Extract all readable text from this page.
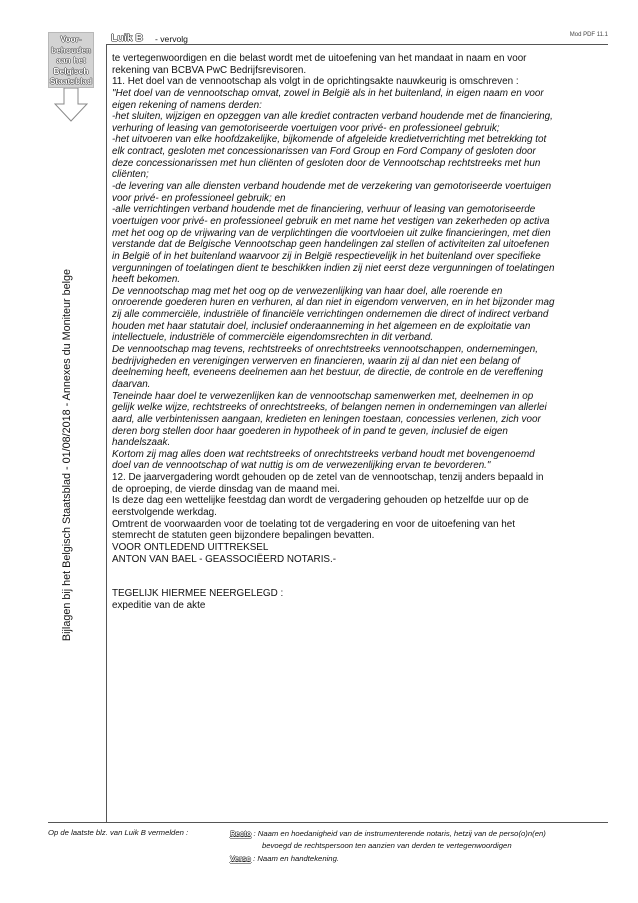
Mod PDF 11.1
Voor-
behouden
aan het
Belgisch
Staatsblad
Bijlagen bij het Belgisch Staatsblad - 01/08/2018 - Annexes du Moniteur belge
Luik B - vervolg
te vertegenwoordigen en die belast wordt met de uitoefening van het mandaat in naam en voor
rekening van BCBVA PwC Bedrijfsrevisoren.
11. Het doel van de vennootschap als volgt in de oprichtingsakte nauwkeurig is omschreven :
"Het doel van de vennootschap omvat, zowel in België als in het buitenland, in eigen naam en voor
eigen rekening of namens derden:
-het sluiten, wijzigen en opzeggen van alle krediet contracten verband houdende met de financiering,
verhuring of leasing van gemotoriseerde voertuigen voor privé- en professioneel gebruik;
-het uitvoeren van elke hoofdzakelijke, bijkomende of afgeleide kredietverrichting met betrekking tot
elk contract, gesloten met concessionarissen van Ford Group en Ford Company of gesloten door
deze concessionarissen met hun cliënten of gesloten door de Vennootschap rechtstreeks met hun
cliënten;
-de levering van alle diensten verband houdende met de verzekering van gemotoriseerde voertuigen
voor privé- en professioneel gebruik; en
-alle verrichtingen verband houdende met de financiering, verhuur of leasing van gemotoriseerde
voertuigen voor privé- en professioneel gebruik en met name het vestigen van zekerheden op activa
met het oog op de vrijwaring van de verplichtingen die voortvloeien uit zulke financieringen, met dien
verstande dat de Belgische Vennootschap geen handelingen zal stellen of activiteiten zal uitoefenen
in België of in het buitenland waarvoor zij in België respectievelijk in het buitenland over specifieke
vergunningen of toelatingen dient te beschikken indien zij niet eerst deze vergunningen of toelatingen
heeft bekomen.
De vennootschap mag met het oog op de verwezenlijking van haar doel, alle roerende en
onroerende goederen huren en verhuren, al dan niet in eigendom verwerven, en in het bijzonder mag
zij alle commerciële, industriële of financiële verrichtingen ondernemen die direct of indirect verband
houden met haar statutair doel, inclusief onderaanneming in het algemeen en de exploitatie van
intellectuele, industriële of commerciële eigendomsrechten in dit verband.
De vennootschap mag tevens, rechtstreeks of onrechtstreeks vennootschappen, ondernemingen,
bedrijvigheden en verenigingen verwerven en financieren, waarin zij al dan niet een belang of
deelneming heeft, eveneens deelnemen aan het bestuur, de directie, de controle en de vereffening
daarvan.
Teneinde haar doel te verwezenlijken kan de vennootschap samenwerken met, deelnemen in op
gelijk welke wijze, rechtstreeks of onrechtstreeks, of belangen nemen in ondernemingen van allerlei
aard, alle verbintenissen aangaan, kredieten en leningen toestaan, concessies verlenen, zich voor
deren borg stellen door haar goederen in hypotheek of in pand te geven, inclusief de eigen
handelszaak.
Kortom zij mag alles doen wat rechtstreeks of onrechtstreeks verband houdt met bovengenoemd
doel van de vennootschap of wat nuttig is om de verwezenlijking ervan te bevorderen."
12. De jaarvergadering wordt gehouden op de zetel van de vennootschap, tenzij anders bepaald in
de oproeping, de vierde dinsdag van de maand mei.
Is deze dag een wettelijke feestdag dan wordt de vergadering gehouden op hetzelfde uur op de
eerstvolgende werkdag.
Omtrent de voorwaarden voor de toelating tot de vergadering en voor de uitoefening van het
stemrecht de statuten geen bijzondere bepalingen bevatten.
VOOR ONTLEDEND UITTREKSEL
ANTON VAN BAEL - GEASSOCIËERD NOTARIS.-
TEGELIJK HIERMEE NEERGELEGD :
expeditie van de akte
Op de laatste blz. van Luik B vermelden :	Recto : Naam en hoedanigheid van de instrumenterende notaris, hetzij van de perso(o)n(en)
bevoegd de rechtspersoon ten aanzien van derden te vertegenwoordigen
Verso : Naam en handtekening.
